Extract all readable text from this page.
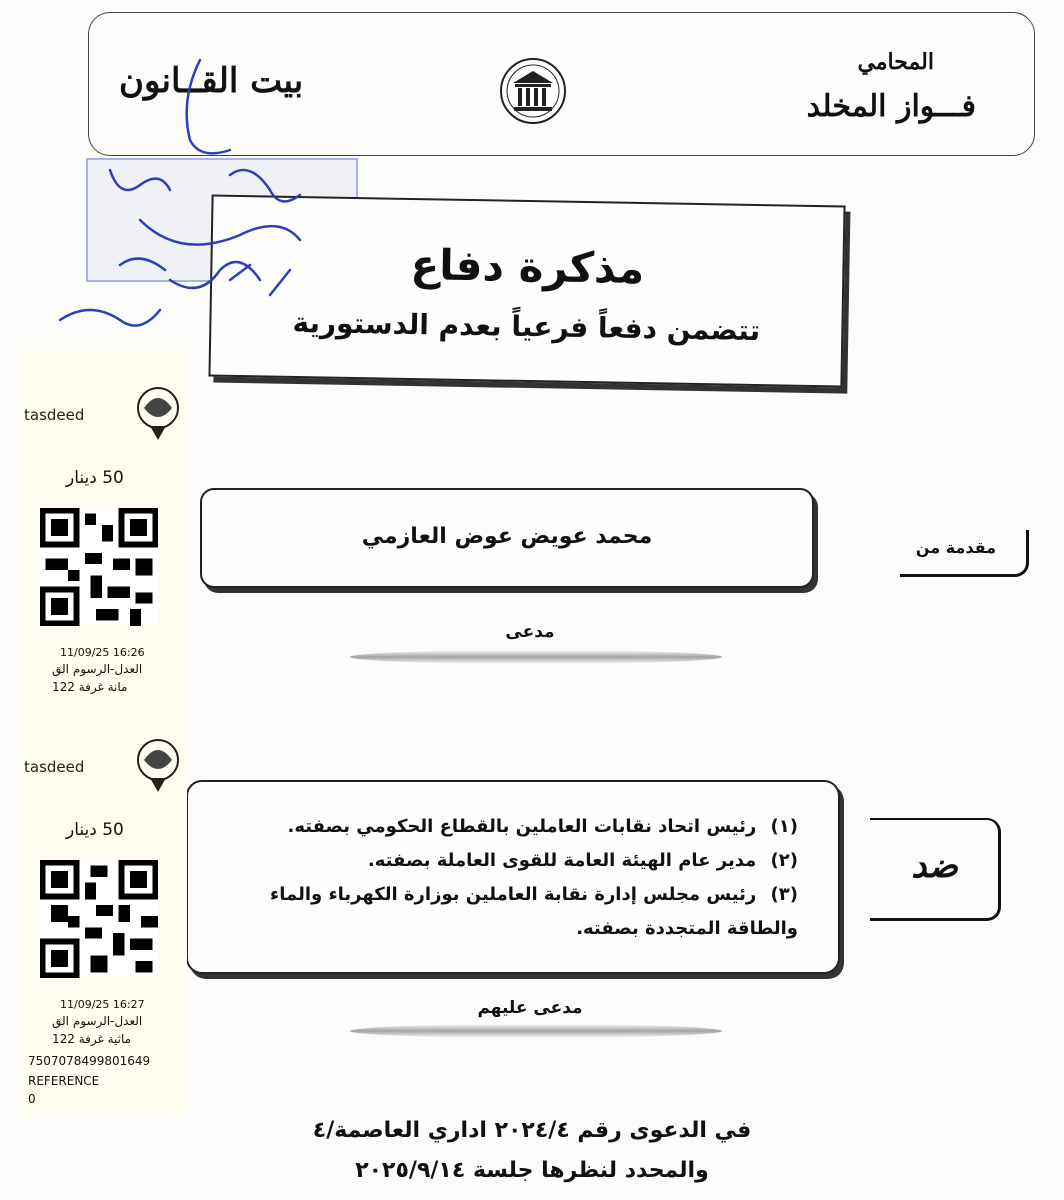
بيت القــانون	المحامي
فـــواز المخلد
مذكرة دفاع
تتضمن دفعاً فرعياً بعدم الدستورية
مقدمة من
محمد عويض عوض العازمي
مدعى
ضد
(١) رئيس اتحاد نقابات العاملين بالقطاع الحكومي بصفته.
(٢) مدير عام الهيئة العامة للقوى العاملة بصفته.
(٣) رئيس مجلس إدارة نقابة العاملين بوزارة الكهرباء والماء والطاقة المتجددة بصفته.
مدعى عليهم
في الدعوى رقم ٢٠٢٤/٤ اداري العاصمة/٤
والمحدد لنظرها جلسة ٢٠٢٥/٩/١٤
tasdeed
50 دينار
11/09/25 16:26
العدل-الرسوم الق
مانة غرفة 122
tasdeed
50 دينار
11/09/25 16:27
العدل-الرسوم الق
ماثية غرفة 122
750707849980164​9
REFERENCE
0
